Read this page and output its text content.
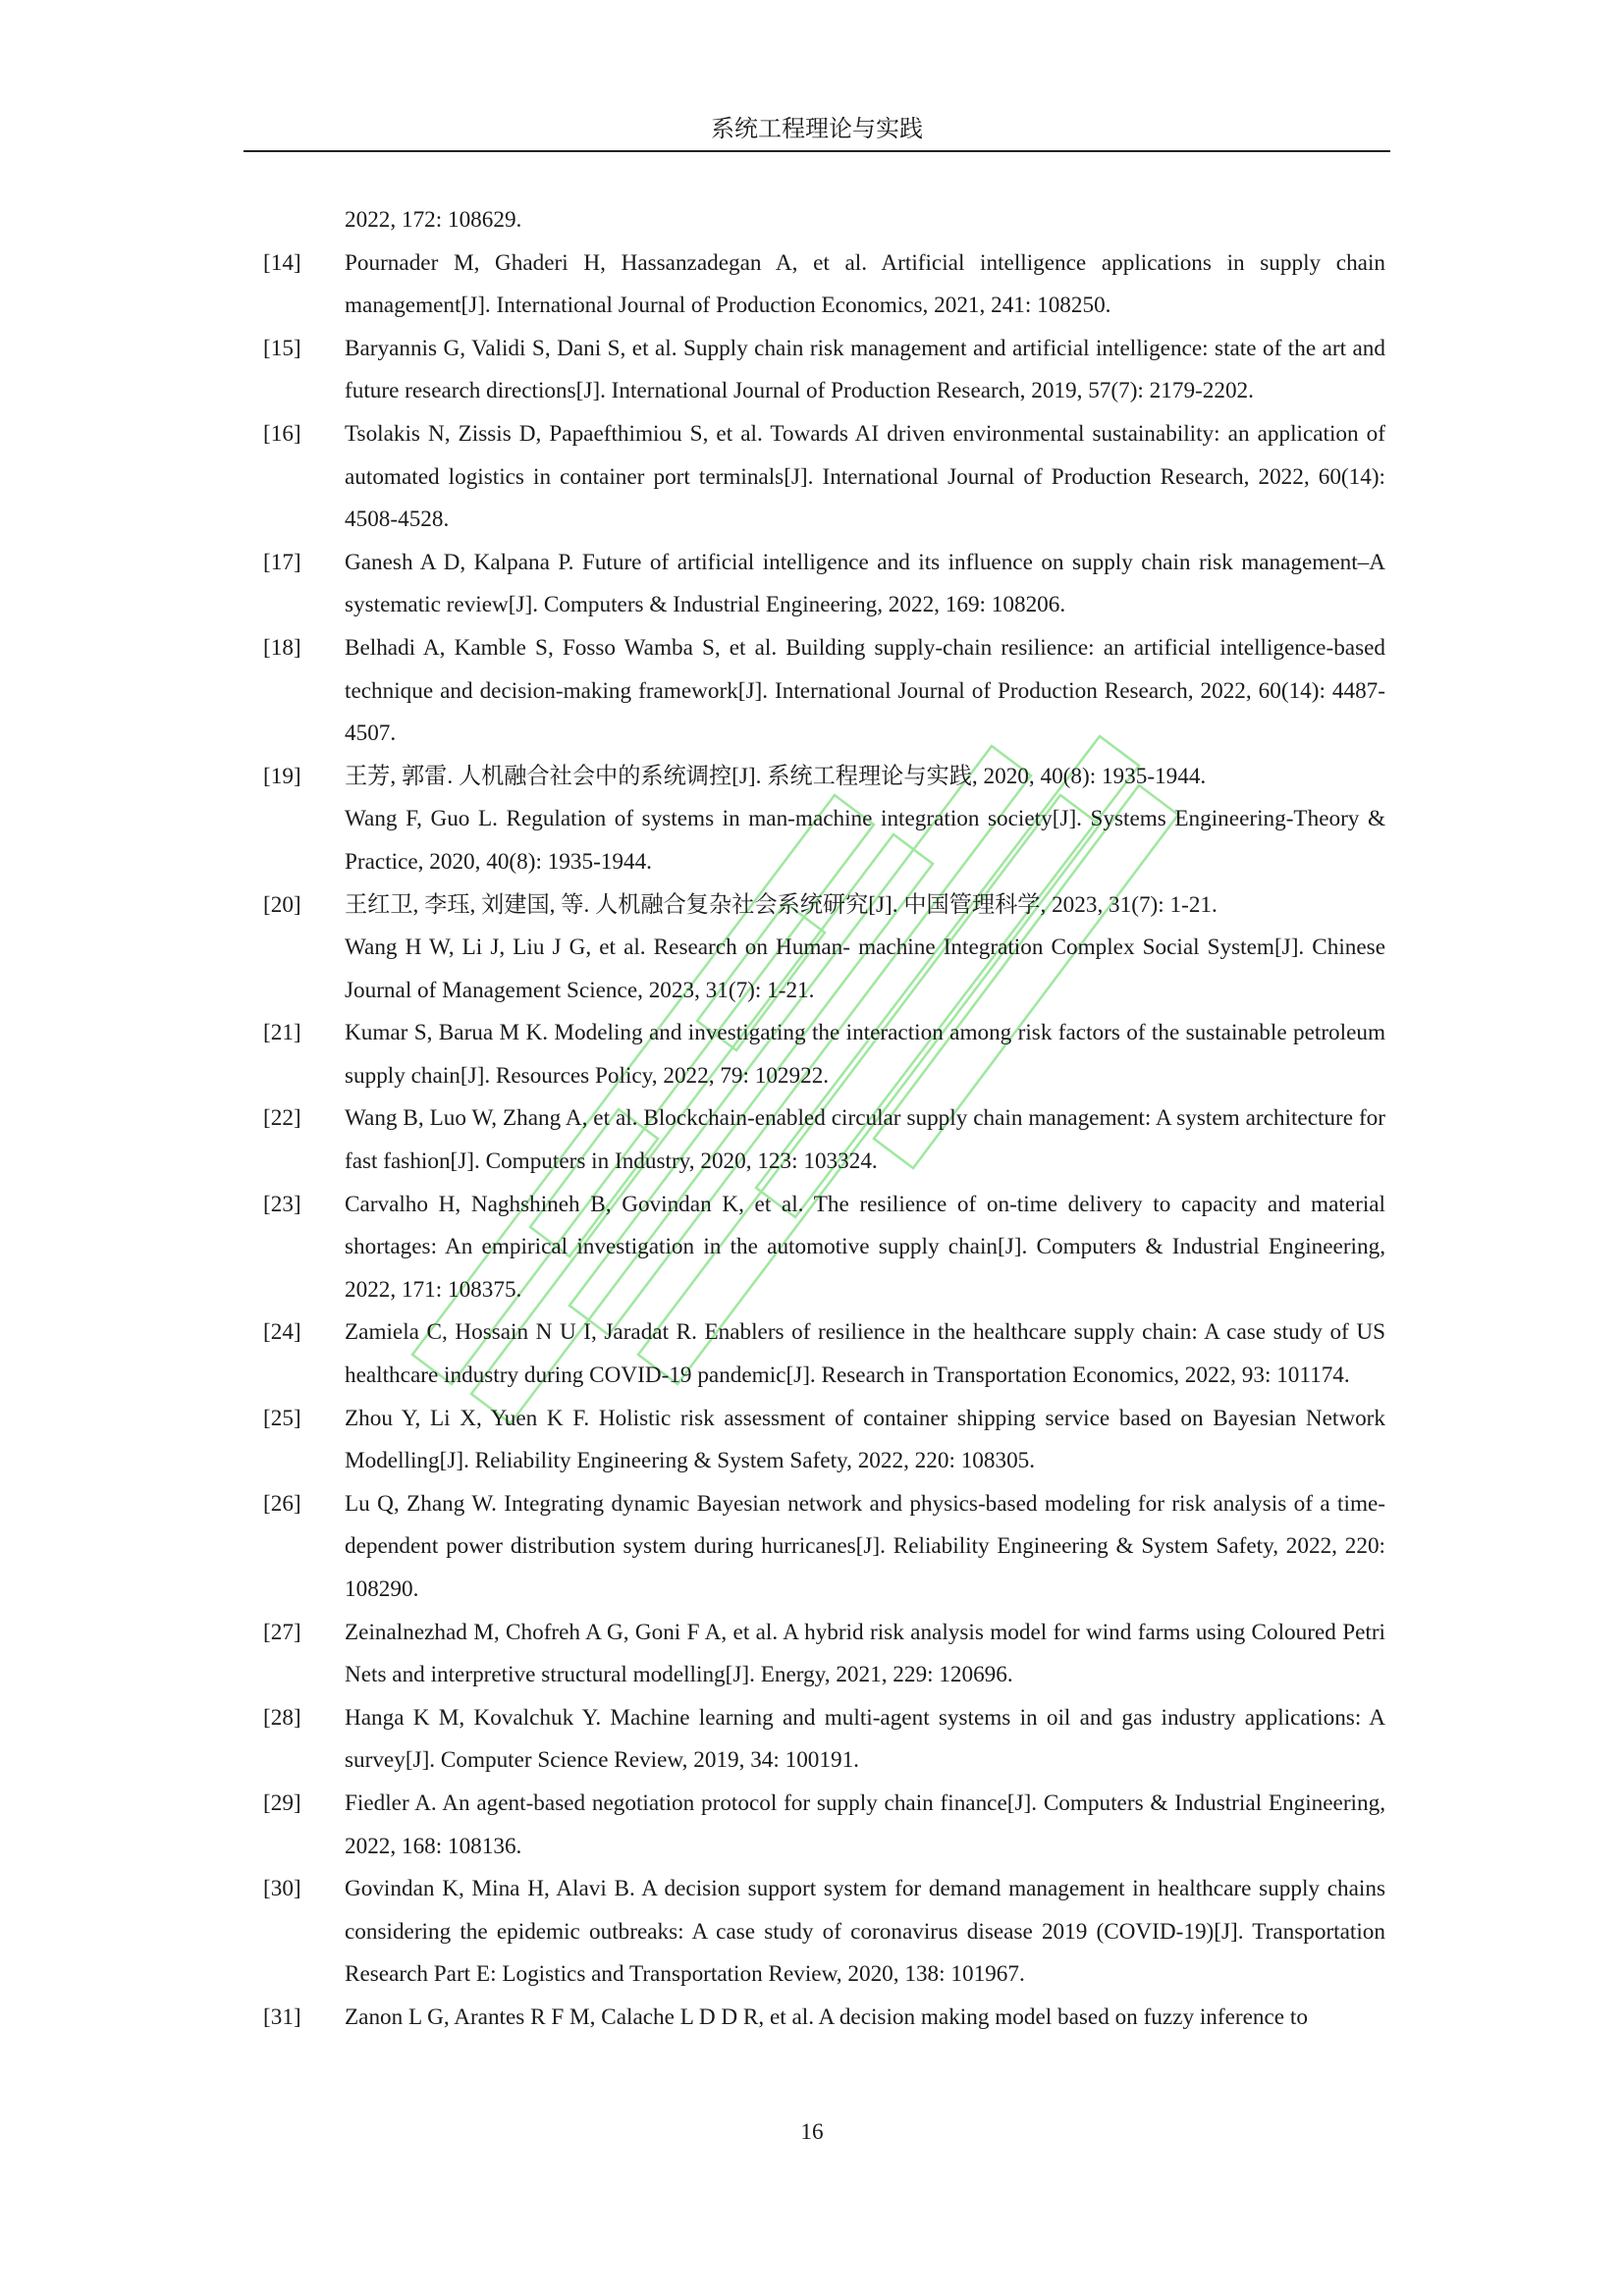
系统工程理论与实践
2022, 172: 108629.
[14] Pournader M, Ghaderi H, Hassanzadegan A, et al. Artificial intelligence applications in supply chain management[J]. International Journal of Production Economics, 2021, 241: 108250.

[15] Baryannis G, Validi S, Dani S, et al. Supply chain risk management and artificial intelligence: state of the art and future research directions[J]. International Journal of Production Research, 2019, 57(7): 2179-2202.

[16] Tsolakis N, Zissis D, Papaefthimiou S, et al. Towards AI driven environmental sustainability: an application of automated logistics in container port terminals[J]. International Journal of Production Research, 2022, 60(14): 4508-4528.

[17] Ganesh A D, Kalpana P. Future of artificial intelligence and its influence on supply chain risk management–A systematic review[J]. Computers & Industrial Engineering, 2022, 169: 108206.

[18] Belhadi A, Kamble S, Fosso Wamba S, et al. Building supply-chain resilience: an artificial intelligence-based technique and decision-making framework[J]. International Journal of Production Research, 2022, 60(14): 4487-4507.

[19] 王芳, 郭雷. 人机融合社会中的系统调控[J]. 系统工程理论与实践, 2020, 40(8): 1935-1944.

Wang F, Guo L. Regulation of systems in man-machine integration society[J]. Systems Engineering-Theory & Practice, 2020, 40(8): 1935-1944.

[20] 王红卫, 李珏, 刘建国, 等. 人机融合复杂社会系统研究[J]. 中国管理科学, 2023, 31(7): 1-21.

Wang H W, Li J, Liu J G, et al. Research on Human- machine Integration Complex Social System[J]. Chinese Journal of Management Science, 2023, 31(7): 1-21.

[21] Kumar S, Barua M K. Modeling and investigating the interaction among risk factors of the sustainable petroleum supply chain[J]. Resources Policy, 2022, 79: 102922.

[22] Wang B, Luo W, Zhang A, et al. Blockchain-enabled circular supply chain management: A system architecture for fast fashion[J]. Computers in Industry, 2020, 123: 103324.

[23] Carvalho H, Naghshineh B, Govindan K, et al. The resilience of on-time delivery to capacity and material shortages: An empirical investigation in the automotive supply chain[J]. Computers & Industrial Engineering, 2022, 171: 108375.

[24] Zamiela C, Hossain N U I, Jaradat R. Enablers of resilience in the healthcare supply chain: A case study of US healthcare industry during COVID-19 pandemic[J]. Research in Transportation Economics, 2022, 93: 101174.

[25] Zhou Y, Li X, Yuen K F. Holistic risk assessment of container shipping service based on Bayesian Network Modelling[J]. Reliability Engineering & System Safety, 2022, 220: 108305.

[26] Lu Q, Zhang W. Integrating dynamic Bayesian network and physics-based modeling for risk analysis of a time-dependent power distribution system during hurricanes[J]. Reliability Engineering & System Safety, 2022, 220: 108290.

[27] Zeinalnezhad M, Chofreh A G, Goni F A, et al. A hybrid risk analysis model for wind farms using Coloured Petri Nets and interpretive structural modelling[J]. Energy, 2021, 229: 120696.

[28] Hanga K M, Kovalchuk Y. Machine learning and multi-agent systems in oil and gas industry applications: A survey[J]. Computer Science Review, 2019, 34: 100191.

[29] Fiedler A. An agent-based negotiation protocol for supply chain finance[J]. Computers & Industrial Engineering, 2022, 168: 108136.

[30] Govindan K, Mina H, Alavi B. A decision support system for demand management in healthcare supply chains considering the epidemic outbreaks: A case study of coronavirus disease 2019 (COVID-19)[J]. Transportation Research Part E: Logistics and Transportation Review, 2020, 138: 101967.

[31] Zanon L G, Arantes R F M, Calache L D D R, et al. A decision making model based on fuzzy inference to

16
